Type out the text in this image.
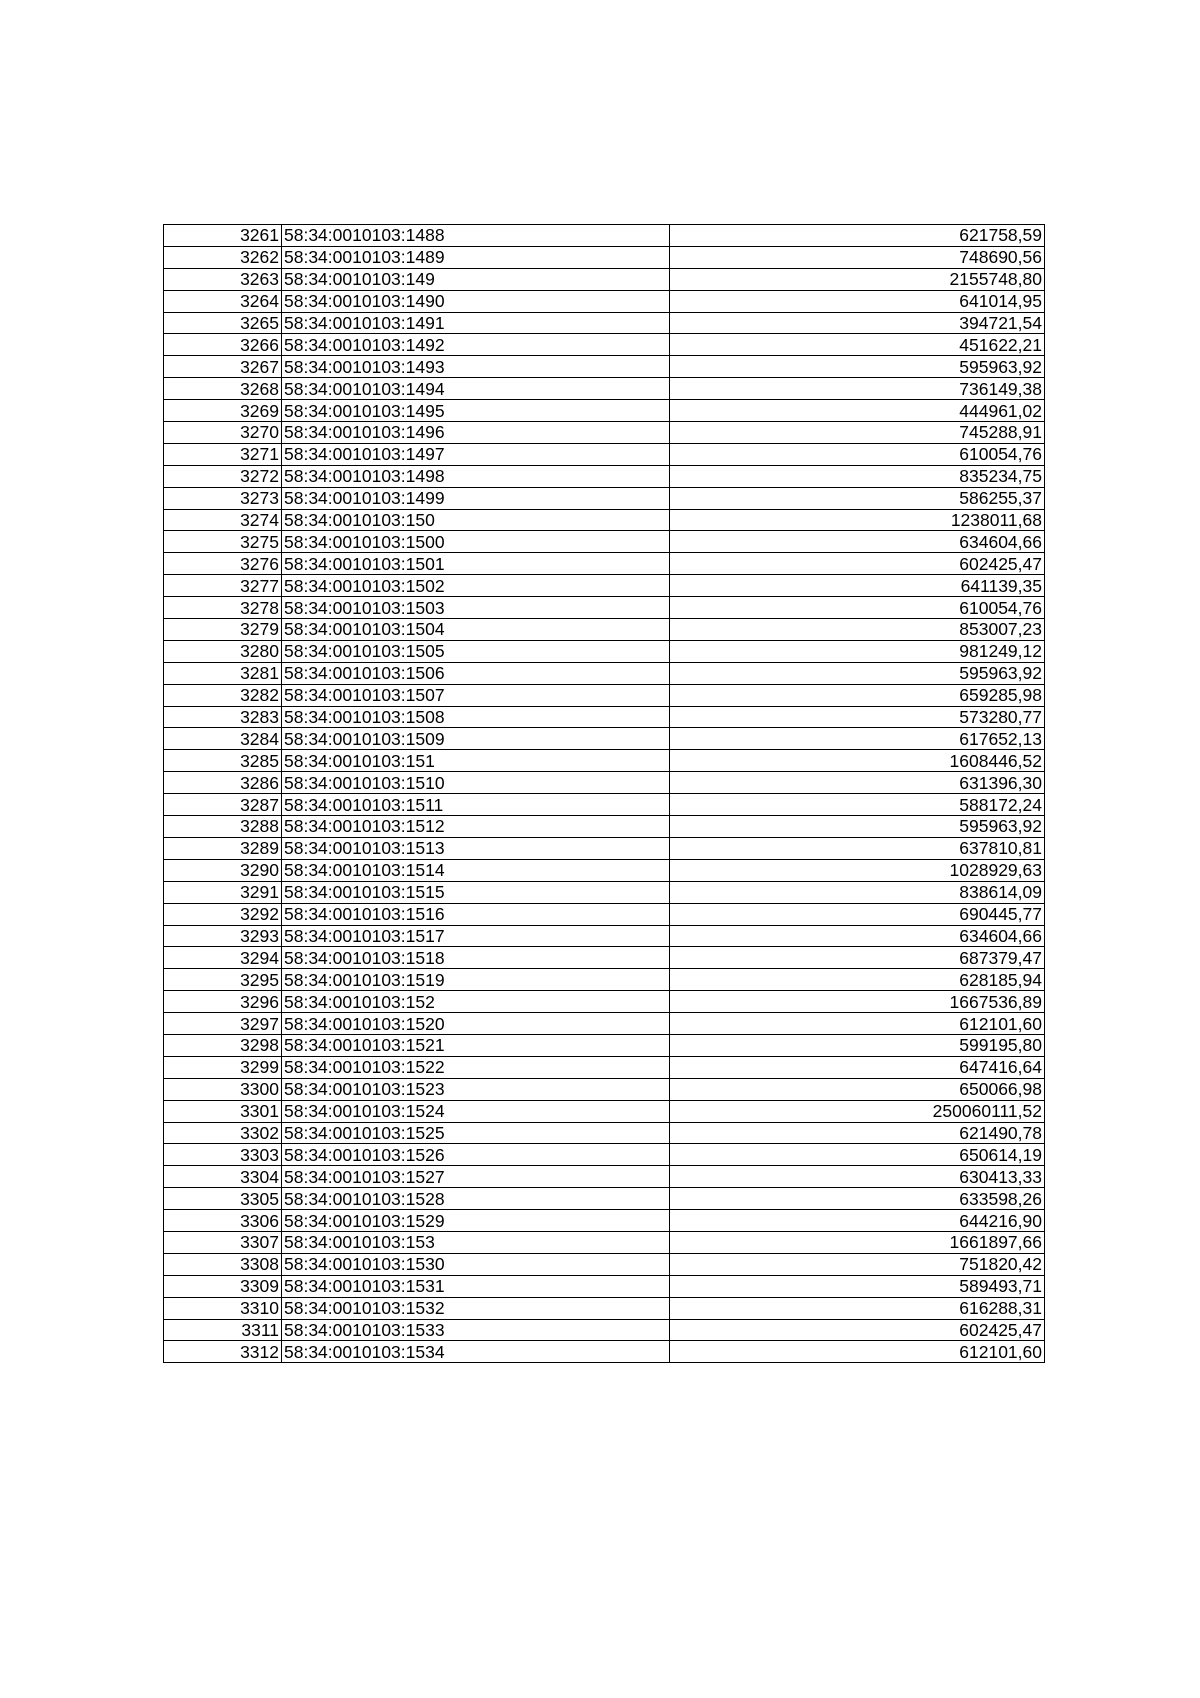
3261	58:34:0010103:1488	621758,59
3262	58:34:0010103:1489	748690,56
3263	58:34:0010103:149	2155748,80
3264	58:34:0010103:1490	641014,95
3265	58:34:0010103:1491	394721,54
3266	58:34:0010103:1492	451622,21
3267	58:34:0010103:1493	595963,92
3268	58:34:0010103:1494	736149,38
3269	58:34:0010103:1495	444961,02
3270	58:34:0010103:1496	745288,91
3271	58:34:0010103:1497	610054,76
3272	58:34:0010103:1498	835234,75
3273	58:34:0010103:1499	586255,37
3274	58:34:0010103:150	1238011,68
3275	58:34:0010103:1500	634604,66
3276	58:34:0010103:1501	602425,47
3277	58:34:0010103:1502	641139,35
3278	58:34:0010103:1503	610054,76
3279	58:34:0010103:1504	853007,23
3280	58:34:0010103:1505	981249,12
3281	58:34:0010103:1506	595963,92
3282	58:34:0010103:1507	659285,98
3283	58:34:0010103:1508	573280,77
3284	58:34:0010103:1509	617652,13
3285	58:34:0010103:151	1608446,52
3286	58:34:0010103:1510	631396,30
3287	58:34:0010103:1511	588172,24
3288	58:34:0010103:1512	595963,92
3289	58:34:0010103:1513	637810,81
3290	58:34:0010103:1514	1028929,63
3291	58:34:0010103:1515	838614,09
3292	58:34:0010103:1516	690445,77
3293	58:34:0010103:1517	634604,66
3294	58:34:0010103:1518	687379,47
3295	58:34:0010103:1519	628185,94
3296	58:34:0010103:152	1667536,89
3297	58:34:0010103:1520	612101,60
3298	58:34:0010103:1521	599195,80
3299	58:34:0010103:1522	647416,64
3300	58:34:0010103:1523	650066,98
3301	58:34:0010103:1524	250060111,52
3302	58:34:0010103:1525	621490,78
3303	58:34:0010103:1526	650614,19
3304	58:34:0010103:1527	630413,33
3305	58:34:0010103:1528	633598,26
3306	58:34:0010103:1529	644216,90
3307	58:34:0010103:153	1661897,66
3308	58:34:0010103:1530	751820,42
3309	58:34:0010103:1531	589493,71
3310	58:34:0010103:1532	616288,31
3311	58:34:0010103:1533	602425,47
3312	58:34:0010103:1534	612101,60
